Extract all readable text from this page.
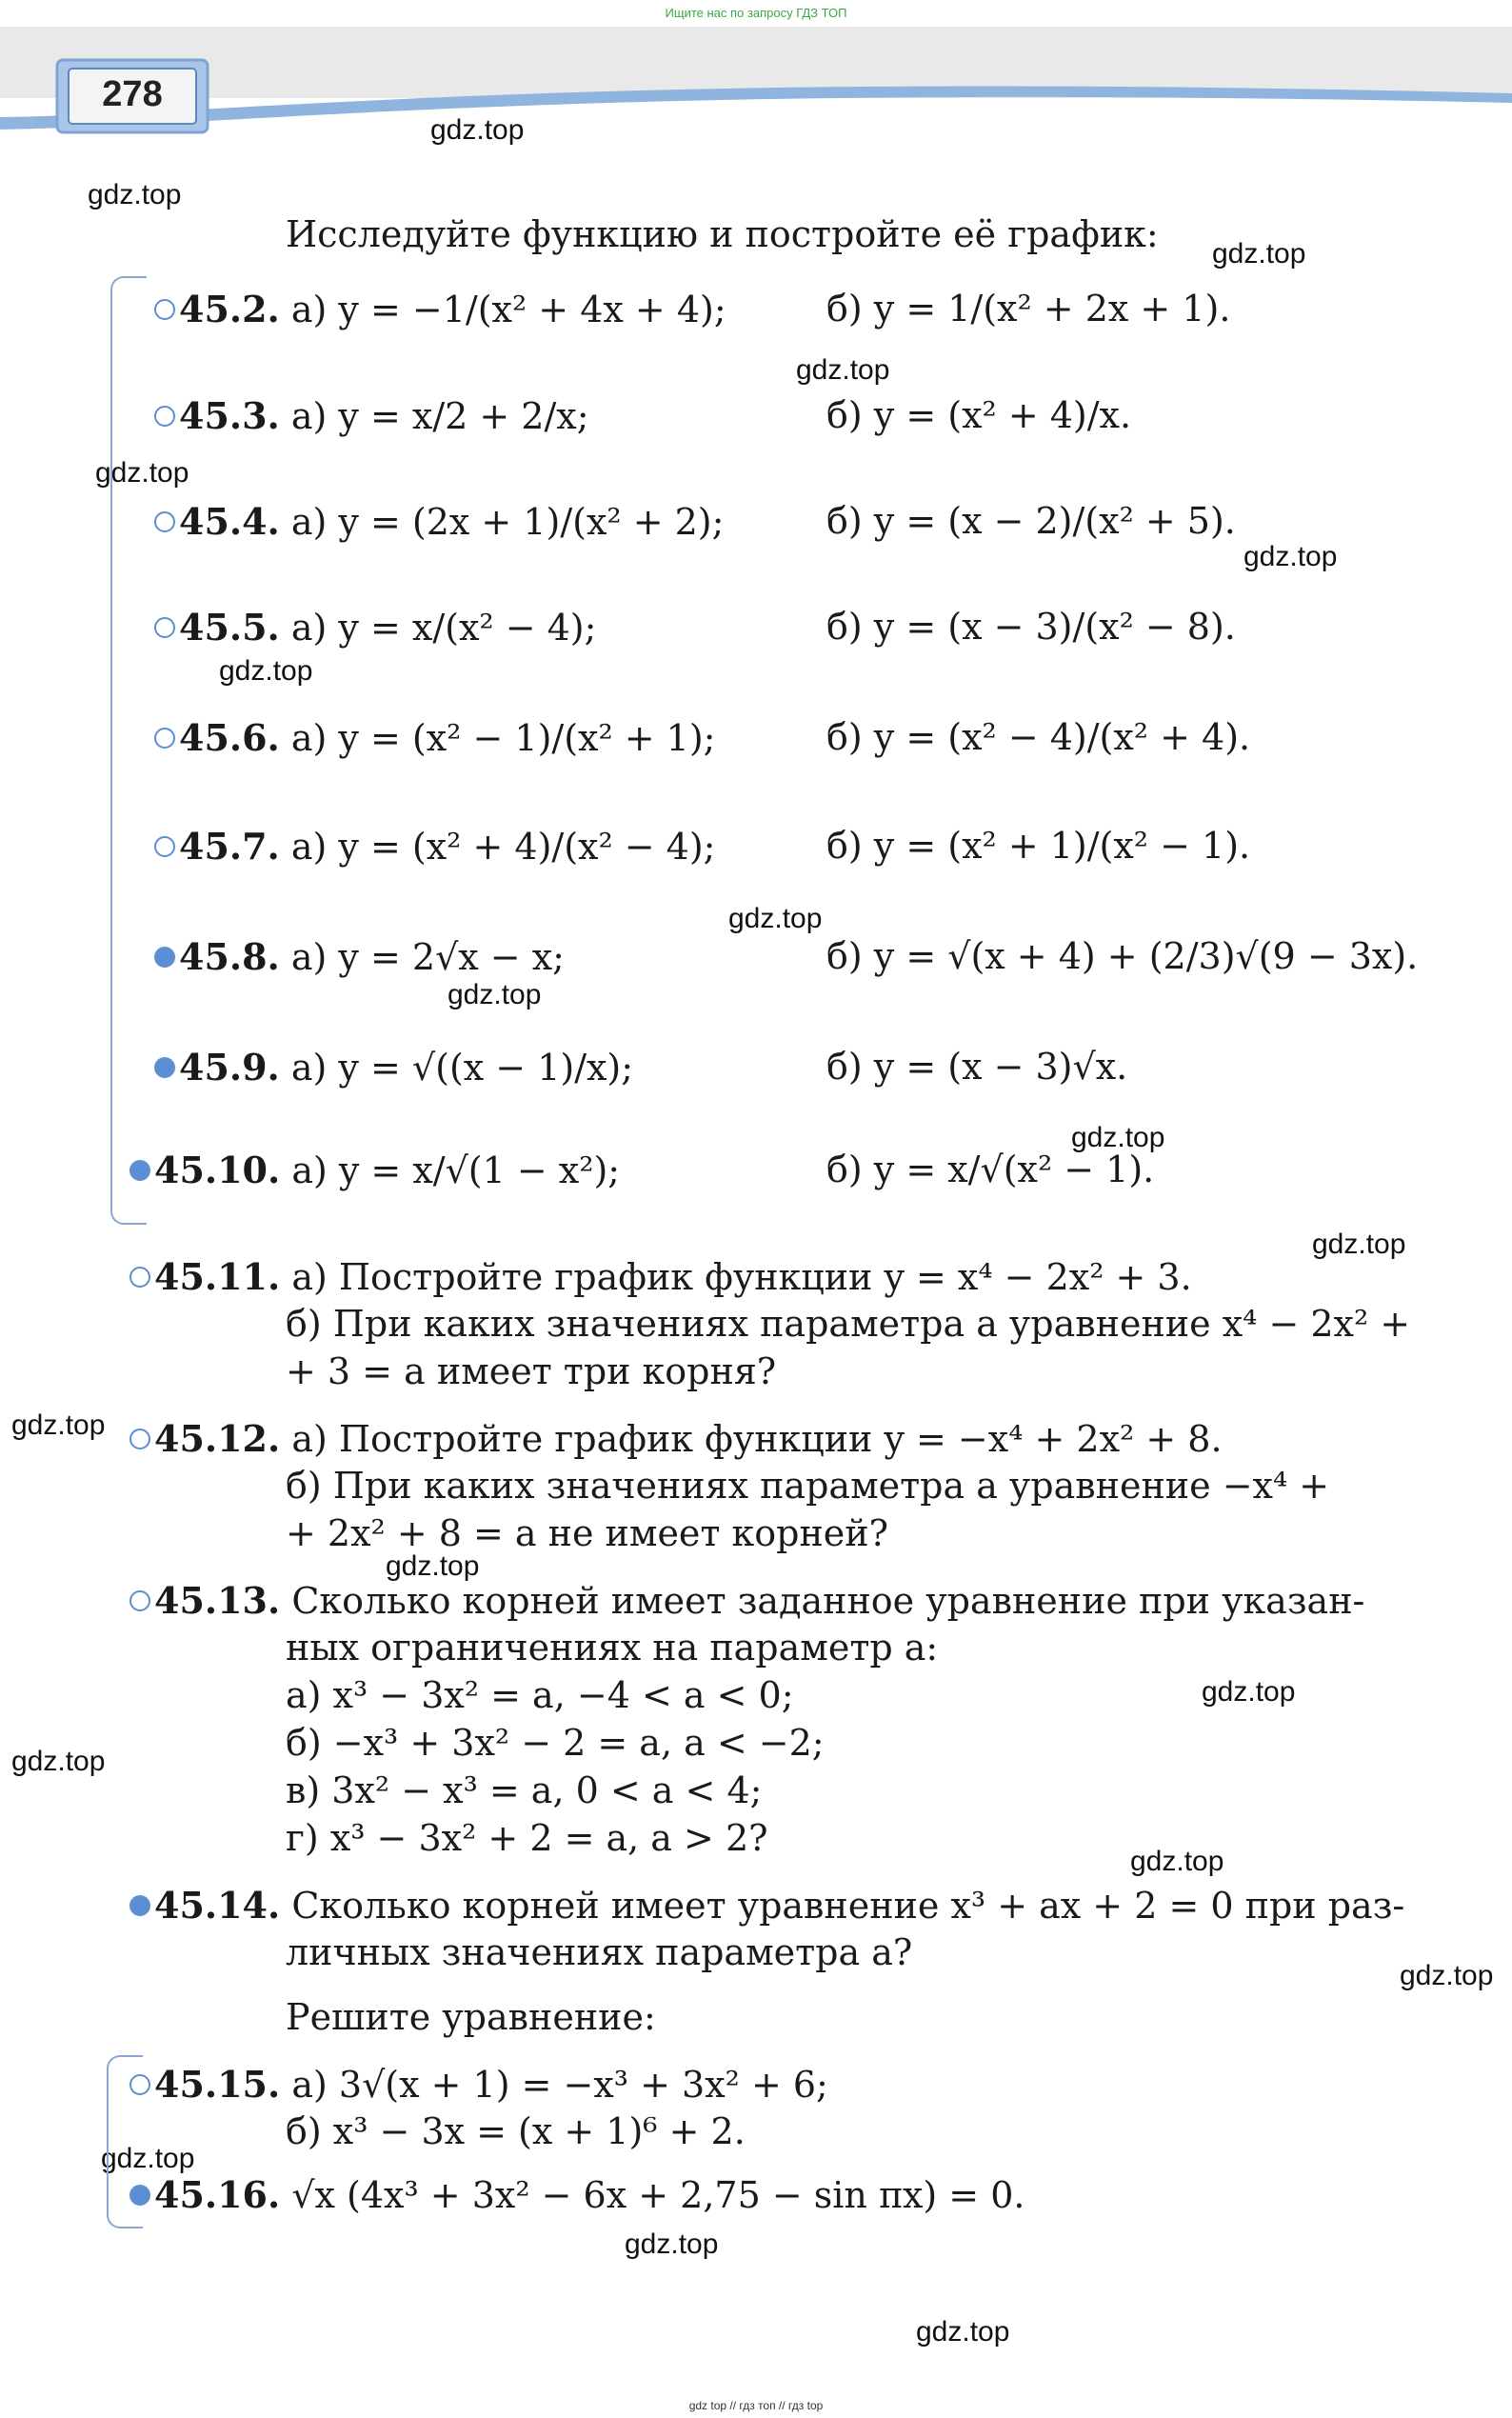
Ищите нас по запросу ГДЗ ТОП
278
gdz.top
gdz.top
gdz.top
gdz.top
gdz.top
gdz.top
gdz.top
gdz.top
gdz.top
gdz.top
gdz.top
gdz.top
gdz.top
gdz.top
gdz.top
gdz.top
gdz.top
gdz.top
gdz.top
gdz.top
Исследуйте функцию и постройте её график:
45.2. а) y = −1/(x² + 4x + 4);	б) y = 1/(x² + 2x + 1).
45.3. а) y = x/2 + 2/x;	б) y = (x² + 4)/x.
45.4. а) y = (2x + 1)/(x² + 2);	б) y = (x − 2)/(x² + 5).
45.5. а) y = x/(x² − 4);	б) y = (x − 3)/(x² − 8).
45.6. а) y = (x² − 1)/(x² + 1);	б) y = (x² − 4)/(x² + 4).
45.7. а) y = (x² + 4)/(x² − 4);	б) y = (x² + 1)/(x² − 1).
45.8. а) y = 2√x − x;	б) y = √(x + 4) + (2/3)√(9 − 3x).
45.9. а) y = √((x − 1)/x);	б) y = (x − 3)√x.
45.10. а) y = x/√(1 − x²);	б) y = x/√(x² − 1).
45.11. а) Постройте график функции y = x⁴ − 2x² + 3.
б) При каких значениях параметра a уравнение x⁴ − 2x² +
+ 3 = a имеет три корня?
45.12. а) Постройте график функции y = −x⁴ + 2x² + 8.
б) При каких значениях параметра a уравнение −x⁴ +
+ 2x² + 8 = a не имеет корней?
45.13. Сколько корней имеет заданное уравнение при указан-
ных ограничениях на параметр a:
а) x³ − 3x² = a, −4 < a < 0;
б) −x³ + 3x² − 2 = a, a < −2;
в) 3x² − x³ = a, 0 < a < 4;
г) x³ − 3x² + 2 = a, a > 2?
45.14. Сколько корней имеет уравнение x³ + ax + 2 = 0 при раз-
личных значениях параметра a?
Решите уравнение:
45.15. а) 3√(x + 1) = −x³ + 3x² + 6;
б) x³ − 3x = (x + 1)⁶ + 2.
45.16. √x (4x³ + 3x² − 6x + 2,75 − sin πx) = 0.
gdz top // гдз топ // гдз top
